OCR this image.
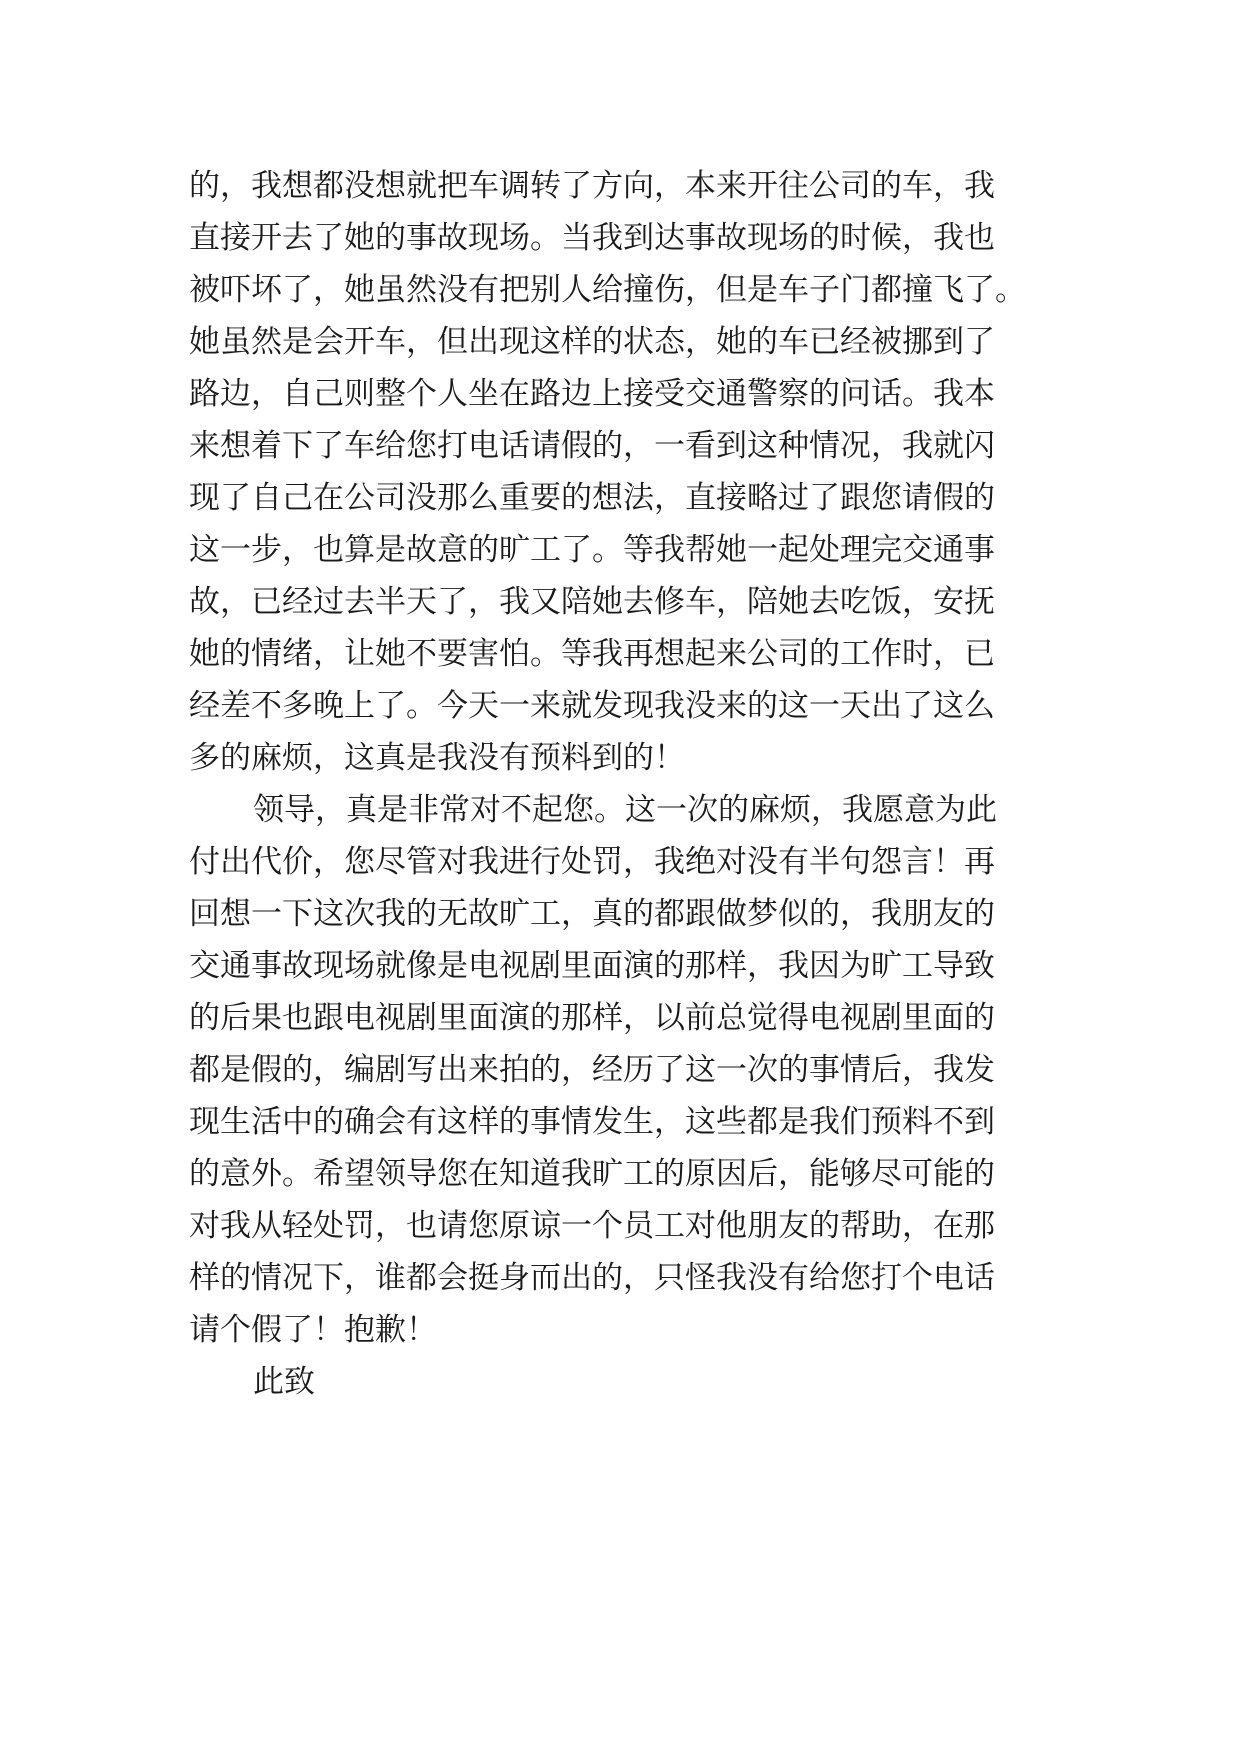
的，我想都没想就把车调转了方向，本来开往公司的车，我
直接开去了她的事故现场。当我到达事故现场的时候，我也
被吓坏了，她虽然没有把别人给撞伤，但是车子门都撞飞了。
她虽然是会开车，但出现这样的状态，她的车已经被挪到了
路边，自己则整个人坐在路边上接受交通警察的问话。我本
来想着下了车给您打电话请假的，一看到这种情况，我就闪
现了自己在公司没那么重要的想法，直接略过了跟您请假的
这一步，也算是故意的旷工了。等我帮她一起处理完交通事
故，已经过去半天了，我又陪她去修车，陪她去吃饭，安抚
她的情绪，让她不要害怕。等我再想起来公司的工作时，已
经差不多晚上了。今天一来就发现我没来的这一天出了这么
多的麻烦，这真是我没有预料到的！
领导，真是非常对不起您。这一次的麻烦，我愿意为此
付出代价，您尽管对我进行处罚，我绝对没有半句怨言！再
回想一下这次我的无故旷工，真的都跟做梦似的，我朋友的
交通事故现场就像是电视剧里面演的那样，我因为旷工导致
的后果也跟电视剧里面演的那样，以前总觉得电视剧里面的
都是假的，编剧写出来拍的，经历了这一次的事情后，我发
现生活中的确会有这样的事情发生，这些都是我们预料不到
的意外。希望领导您在知道我旷工的原因后，能够尽可能的
对我从轻处罚，也请您原谅一个员工对他朋友的帮助，在那
样的情况下，谁都会挺身而出的，只怪我没有给您打个电话
请个假了！抱歉！
此致
